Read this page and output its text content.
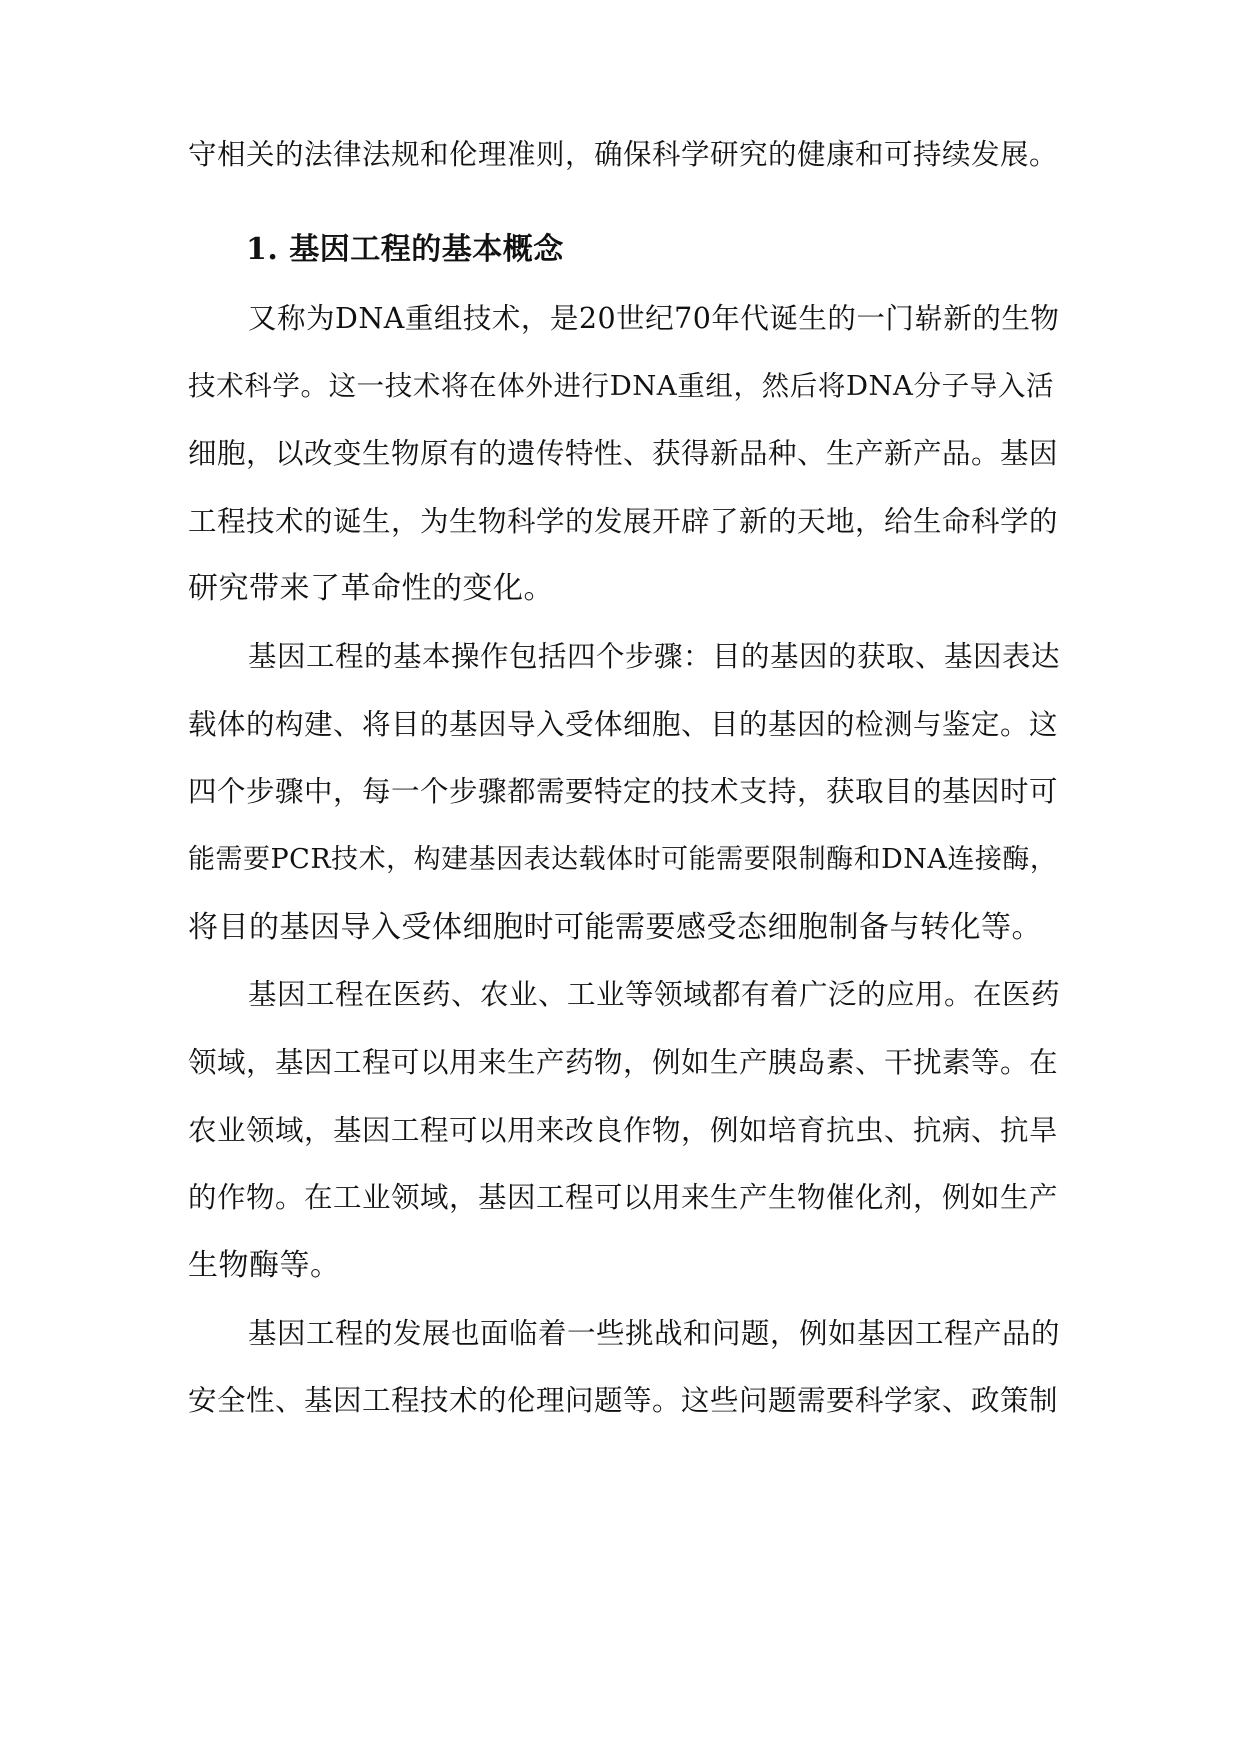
守相关的法律法规和伦理准则，确保科学研究的健康和可持续发展。
1. 基因工程的基本概念
又称为DNA重组技术，是20世纪70年代诞生的一门崭新的生物
技术科学。这一技术将在体外进行DNA重组，然后将DNA分子导入活
细胞，以改变生物原有的遗传特性、获得新品种、生产新产品。基因
工程技术的诞生，为生物科学的发展开辟了新的天地，给生命科学的
研究带来了革命性的变化。
基因工程的基本操作包括四个步骤：目的基因的获取、基因表达
载体的构建、将目的基因导入受体细胞、目的基因的检测与鉴定。这
四个步骤中，每一个步骤都需要特定的技术支持，获取目的基因时可
能需要PCR技术，构建基因表达载体时可能需要限制酶和DNA连接酶，
将目的基因导入受体细胞时可能需要感受态细胞制备与转化等。
基因工程在医药、农业、工业等领域都有着广泛的应用。在医药
领域，基因工程可以用来生产药物，例如生产胰岛素、干扰素等。在
农业领域，基因工程可以用来改良作物，例如培育抗虫、抗病、抗旱
的作物。在工业领域，基因工程可以用来生产生物催化剂，例如生产
生物酶等。
基因工程的发展也面临着一些挑战和问题，例如基因工程产品的
安全性、基因工程技术的伦理问题等。这些问题需要科学家、政策制
